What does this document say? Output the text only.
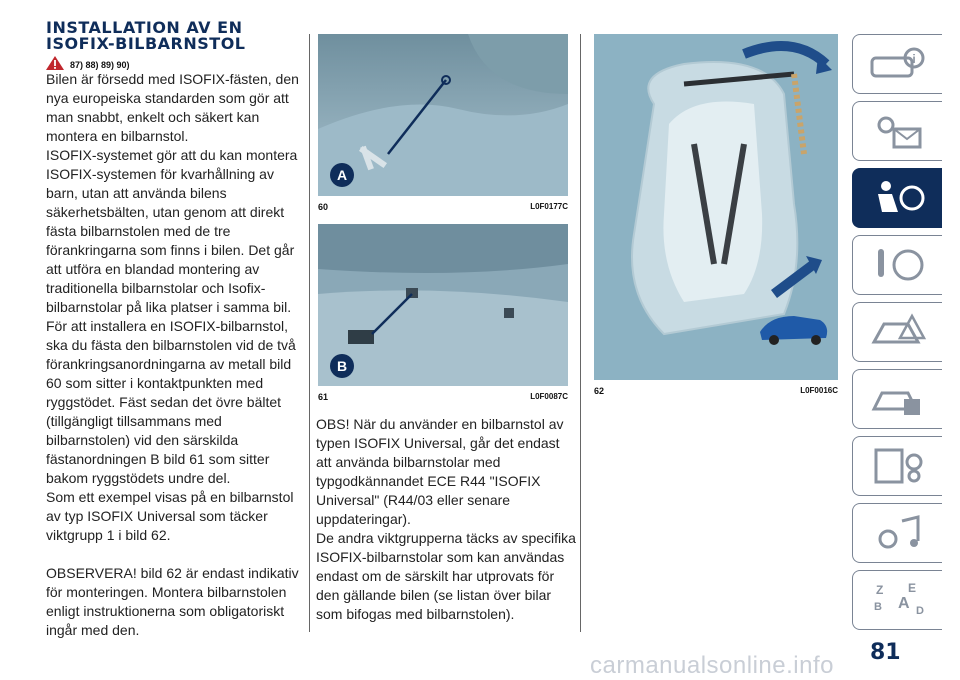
INSTALLATION AV EN
ISOFIX-BILBARNSTOL
87) 88) 89) 90)

Bilen är försedd med ISOFIX-fästen, den nya europeiska standarden som gör att man snabbt, enkelt och säkert kan montera en bilbarnstol.

ISOFIX-systemet gör att du kan montera ISOFIX-systemen för kvarhållning av barn, utan att använda bilens säkerhetsbälten, utan genom att direkt fästa bilbarnstolen med de tre förankringarna som finns i bilen. Det går att utföra en blandad montering av traditionella bilbarnstolar och Isofix-bilbarnstolar på lika platser i samma bil.

För att installera en ISOFIX-bilbarnstol, ska du fästa den bilbarnstolen vid de två förankringsanordningarna av metall bild 60 som sitter i kontaktpunkten med ryggstödet. Fäst sedan det övre bältet (tillgängligt tillsammans med bilbarnstolen) vid den särskilda fästanordningen B bild 61 som sitter bakom ryggstödets undre del.

Som ett exempel visas på en bilbarnstol av typ ISOFIX Universal som täcker viktgrupp 1 i bild 62.

OBSERVERA! bild 62 är endast indikativ för monteringen. Montera bilbarnstolen enligt instruktionerna som obligatoriskt ingår med den.

A
60	L0F0177C
B
61	L0F0087C

OBS! När du använder en bilbarnstol av typen ISOFIX Universal, går det endast att använda bilbarnstolar med typgodkännandet ECE R44 "ISOFIX Universal" (R44/03 eller senare uppdateringar).

De andra viktgrupperna täcks av specifika ISOFIX-bilbarnstolar som kan användas endast om de särskilt har utprovats för den gällande bilen (se listan över bilar som bifogas med bilbarnstolen).

62	L0F0016C
i
Z E
B A D
81
carmanualsonline.info
